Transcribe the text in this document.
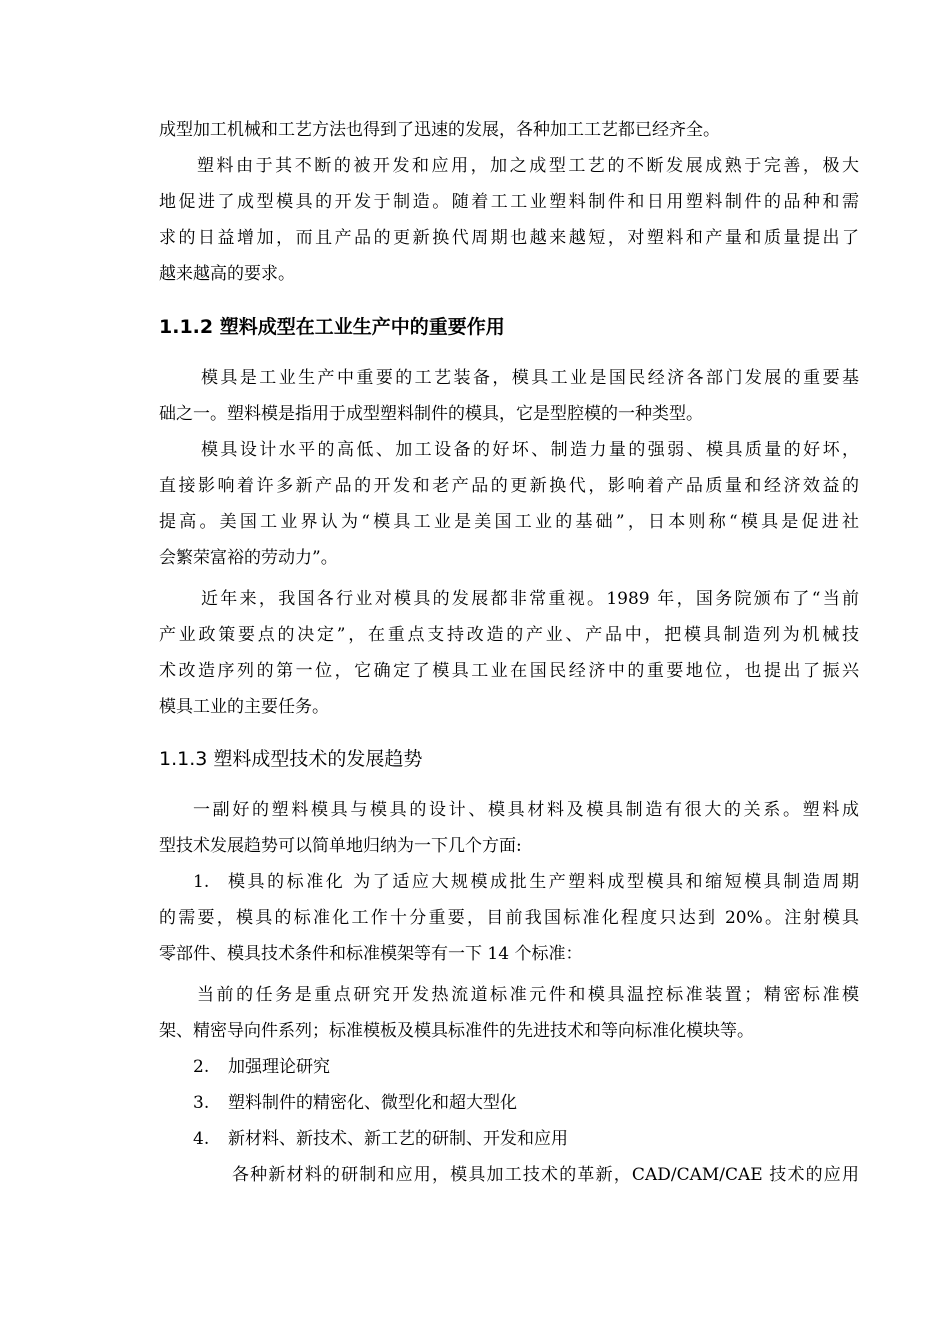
成型加工机械和工艺方法也得到了迅速的发展，各种加工工艺都已经齐全。
塑料由于其不断的被开发和应用，加之成型工艺的不断发展成熟于完善，极大
地促进了成型模具的开发于制造。随着工工业塑料制件和日用塑料制件的品种和需
求的日益增加，而且产品的更新换代周期也越来越短，对塑料和产量和质量提出了
越来越高的要求。
1.1.2 塑料成型在工业生产中的重要作用
模具是工业生产中重要的工艺装备，模具工业是国民经济各部门发展的重要基
础之一。塑料模是指用于成型塑料制件的模具，它是型腔模的一种类型。
模具设计水平的高低、加工设备的好坏、制造力量的强弱、模具质量的好坏，
直接影响着许多新产品的开发和老产品的更新换代，影响着产品质量和经济效益的
提高。美国工业界认为“模具工业是美国工业的基础”，日本则称“模具是促进社
会繁荣富裕的劳动力”。
近年来，我国各行业对模具的发展都非常重视。1989 年，国务院颁布了“当前
产业政策要点的决定”，在重点支持改造的产业、产品中，把模具制造列为机械技
术改造序列的第一位，它确定了模具工业在国民经济中的重要地位，也提出了振兴
模具工业的主要任务。
1.1.3 塑料成型技术的发展趋势
一副好的塑料模具与模具的设计、模具材料及模具制造有很大的关系。塑料成
型技术发展趋势可以简单地归纳为一下几个方面:
1. 模具的标准化 为了适应大规模成批生产塑料成型模具和缩短模具制造周期
的需要，模具的标准化工作十分重要，目前我国标准化程度只达到 20%。注射模具
零部件、模具技术条件和标准模架等有一下 14 个标准：
当前的任务是重点研究开发热流道标准元件和模具温控标准装置；精密标准模
架、精密导向件系列；标准模板及模具标准件的先进技术和等向标准化模块等。
2. 加强理论研究
3. 塑料制件的精密化、微型化和超大型化
4. 新材料、新技术、新工艺的研制、开发和应用
各种新材料的研制和应用，模具加工技术的革新，CAD/CAM/CAE 技术的应用
